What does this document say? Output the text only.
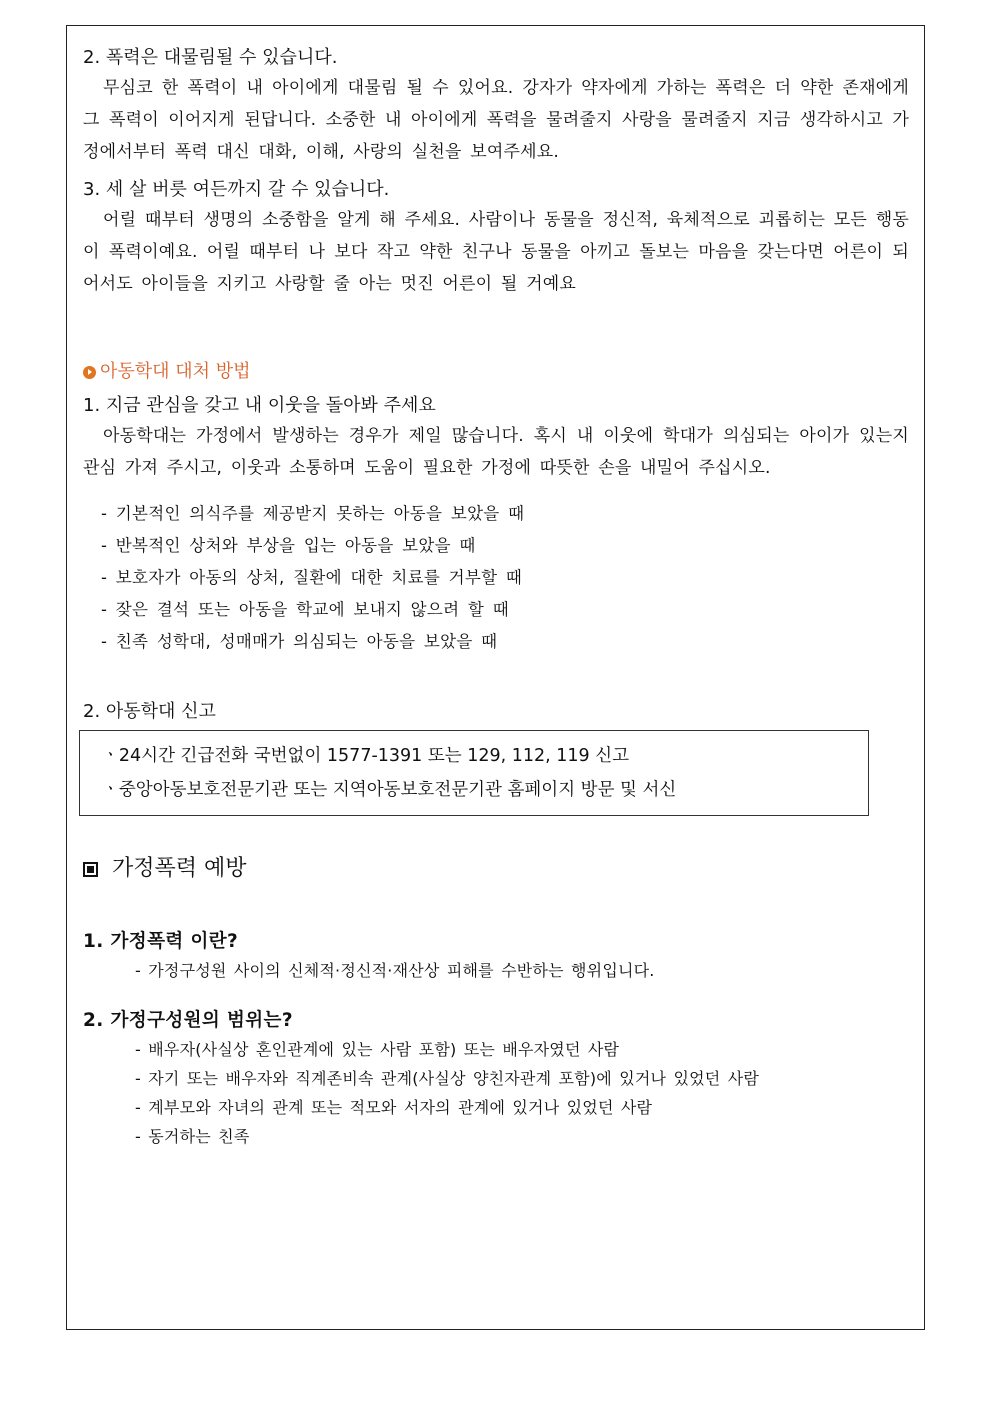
2. 폭력은 대물림될 수 있습니다.

무심코 한 폭력이 내 아이에게 대물림 될 수 있어요. 강자가 약자에게 가하는 폭력은 더 약한 존재에게 그 폭력이 이어지게 된답니다. 소중한 내 아이에게 폭력을 물려줄지 사랑을 물려줄지 지금 생각하시고 가정에서부터 폭력 대신 대화, 이해, 사랑의 실천을 보여주세요.

3. 세 살 버릇 여든까지 갈 수 있습니다.

어릴 때부터 생명의 소중함을 알게 해 주세요. 사람이나 동물을 정신적, 육체적으로 괴롭히는 모든 행동이 폭력이예요. 어릴 때부터 나 보다 작고 약한 친구나 동물을 아끼고 돌보는 마음을 갖는다면 어른이 되어서도 아이들을 지키고 사랑할 줄 아는 멋진 어른이 될 거예요

아동학대 대처 방법
1. 지금 관심을 갖고 내 이웃을 돌아봐 주세요

아동학대는 가정에서 발생하는 경우가 제일 많습니다. 혹시 내 이웃에 학대가 의심되는 아이가 있는지 관심 가져 주시고, 이웃과 소통하며 도움이 필요한 가정에 따뜻한 손을 내밀어 주십시오.

- 기본적인 의식주를 제공받지 못하는 아동을 보았을 때
- 반복적인 상처와 부상을 입는 아동을 보았을 때
- 보호자가 아동의 상처, 질환에 대한 치료를 거부할 때
- 잦은 결석 또는 아동을 학교에 보내지 않으려 할 때
- 친족 성학대, 성매매가 의심되는 아동을 보았을 때
2. 아동학대 신고
ㆍ24시간 긴급전화 국번없이 1577-1391 또는 129, 112, 119 신고
ㆍ중앙아동보호전문기관 또는 지역아동보호전문기관 홈페이지 방문 및 서신
가정폭력 예방
1. 가정폭력 이란?
- 가정구성원 사이의 신체적·정신적·재산상 피해를 수반하는 행위입니다.
2. 가정구성원의 범위는?
- 배우자(사실상 혼인관계에 있는 사람 포함) 또는 배우자였던 사람
- 자기 또는 배우자와 직계존비속 관계(사실상 양친자관계 포함)에 있거나 있었던 사람
- 계부모와 자녀의 관계 또는 적모와 서자의 관계에 있거나 있었던 사람
- 동거하는 친족
